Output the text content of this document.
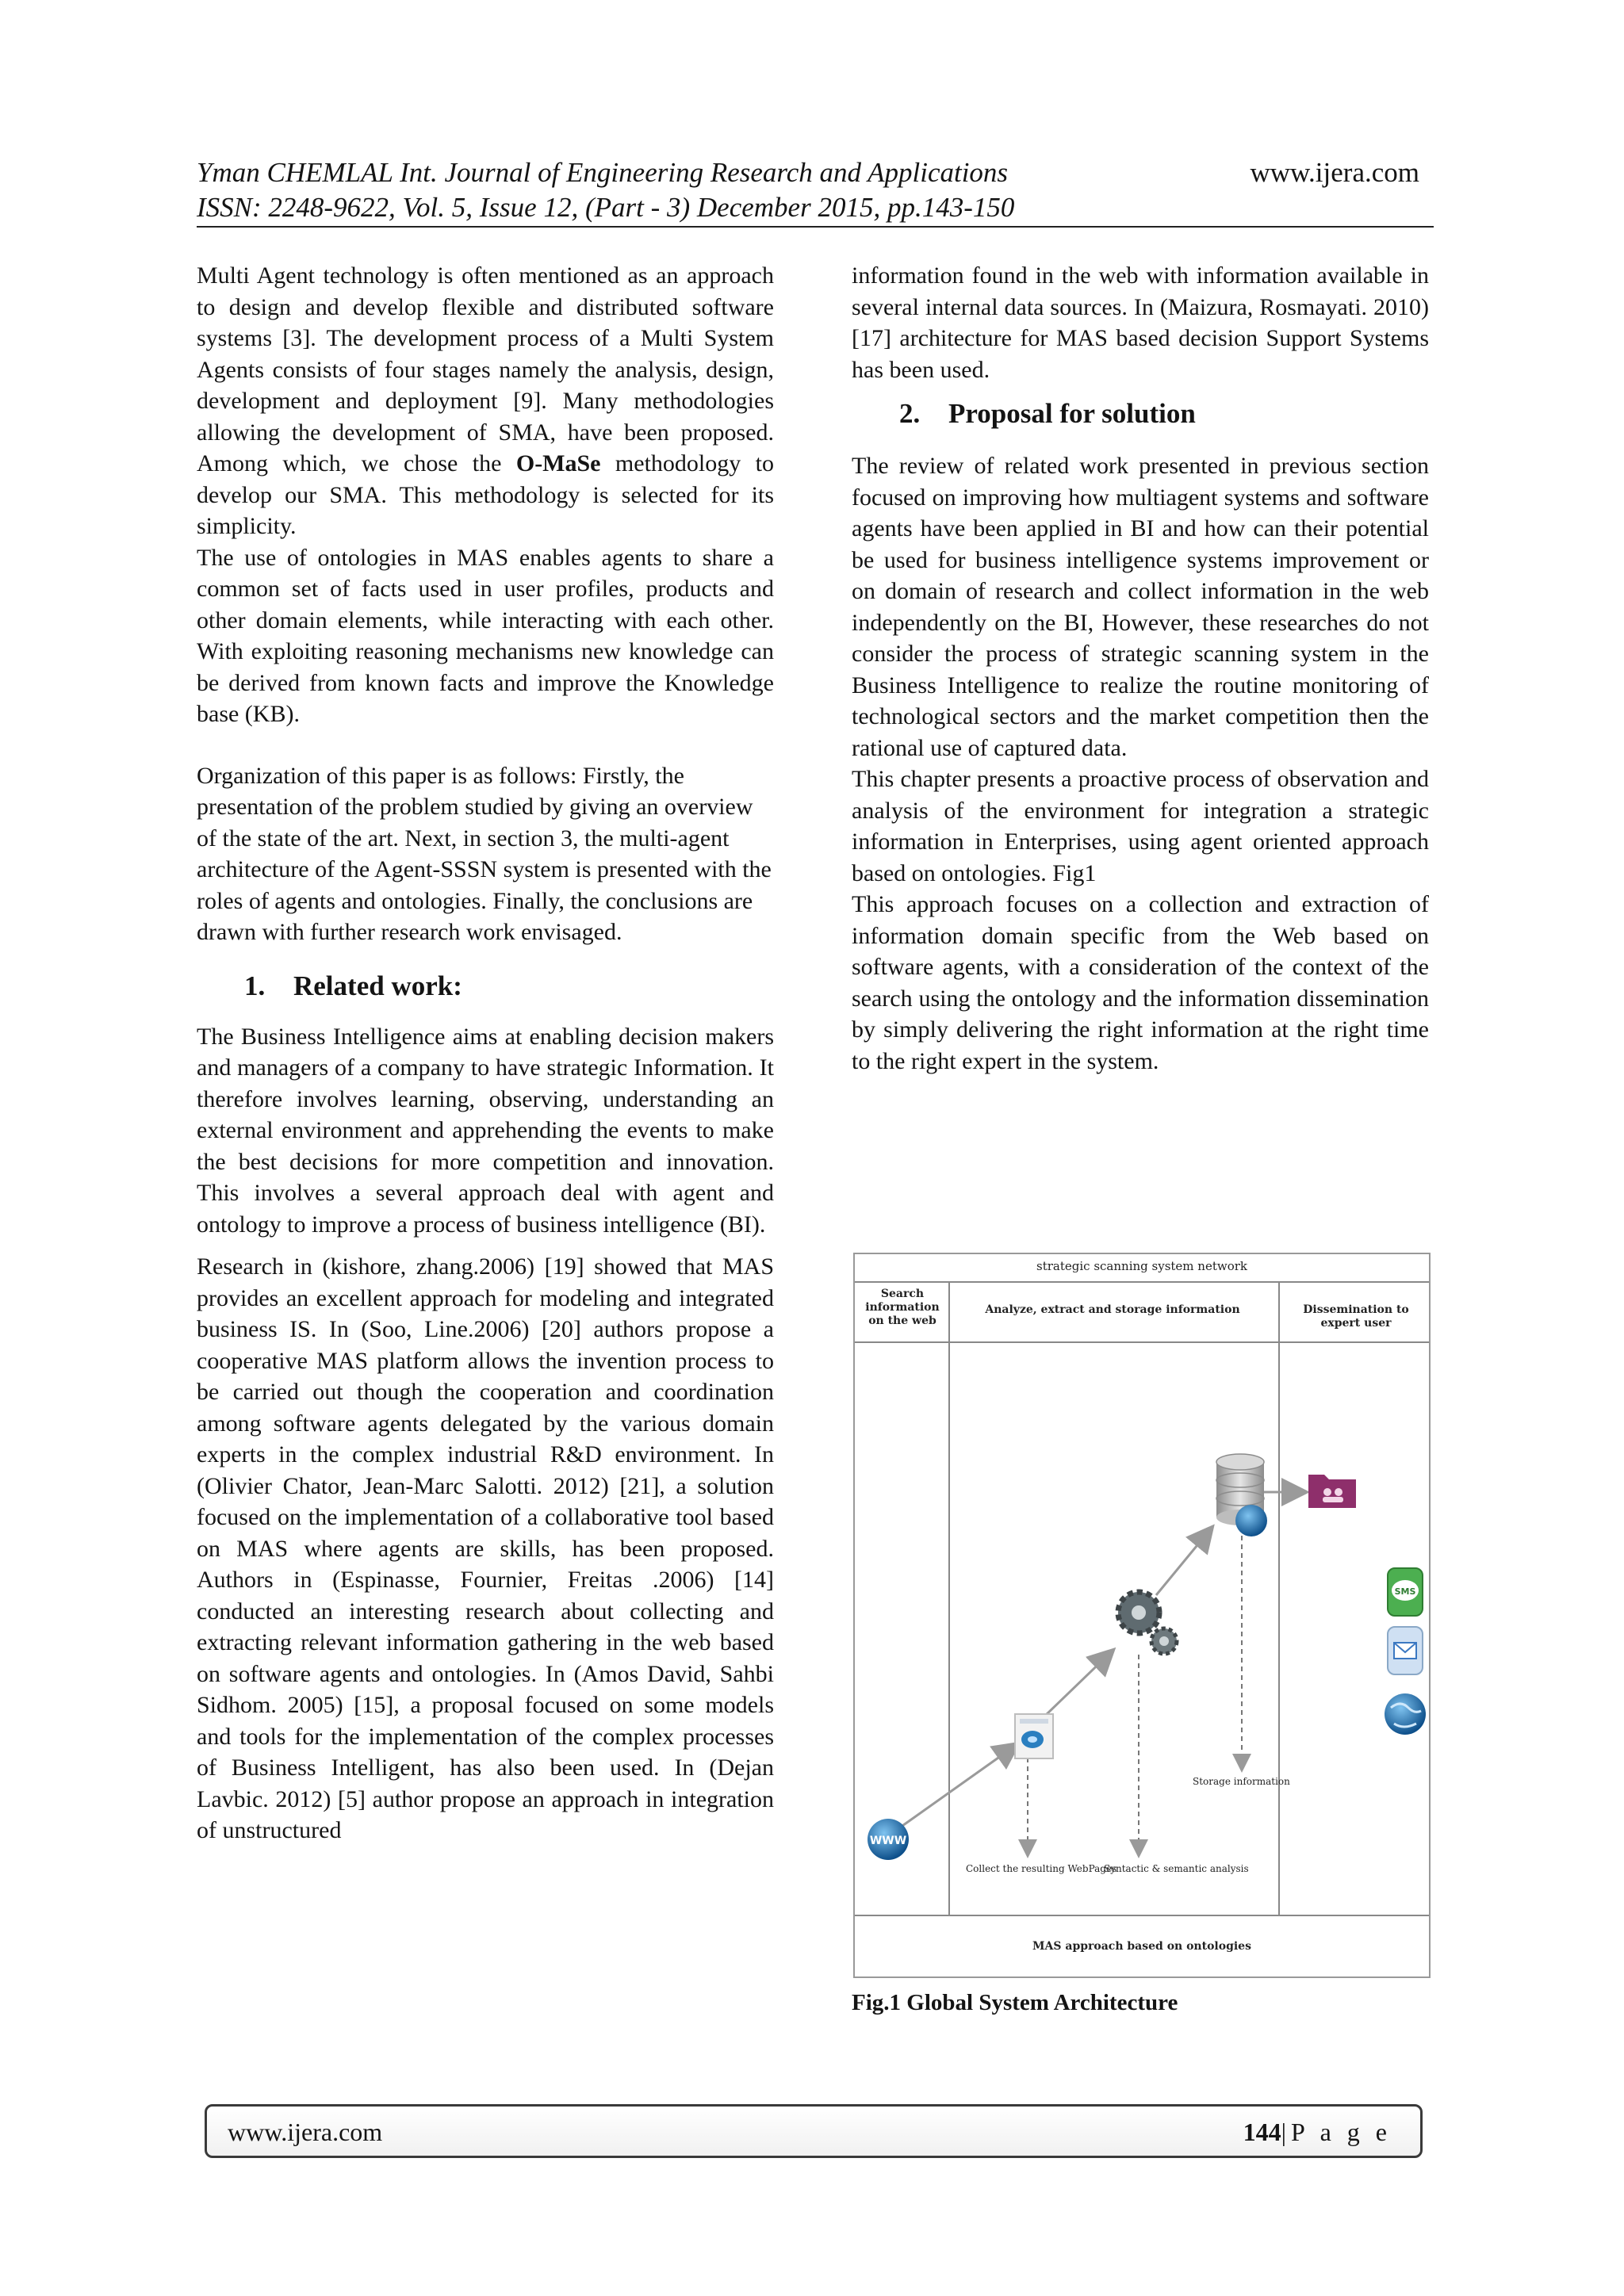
Yman CHEMLAL Int. Journal of Engineering Research and Applications	www.ijera.com
ISSN: 2248-9622, Vol. 5, Issue 12, (Part - 3) December 2015, pp.143-150

Multi Agent technology is often mentioned as an approach to design and develop flexible and distributed software systems [3]. The development process of a Multi System Agents consists of four stages namely the analysis, design, development and deployment [9]. Many methodologies allowing the development of SMA, have been proposed. Among which, we chose the O-MaSe methodology to develop our SMA. This methodology is selected for its simplicity.

The use of ontologies in MAS enables agents to share a common set of facts used in user profiles, products and other domain elements, while interacting with each other. With exploiting reasoning mechanisms new knowledge can be derived from known facts and improve the Knowledge base (KB).

Organization of this paper is as follows: Firstly, the presentation of the problem studied by giving an overview of the state of the art. Next, in section 3, the multi-agent architecture of the Agent-SSSN system is presented with the roles of agents and ontologies. Finally, the conclusions are drawn with further research work envisaged.

1. Related work:

The Business Intelligence aims at enabling decision makers and managers of a company to have strategic Information. It therefore involves learning, observing, understanding an external environment and apprehending the events to make the best decisions for more competition and innovation. This involves a several approach deal with agent and ontology to improve a process of business intelligence (BI).

Research in (kishore, zhang.2006) [19] showed that MAS provides an excellent approach for modeling and integrated business IS. In (Soo, Line.2006) [20] authors propose a cooperative MAS platform allows the invention process to be carried out though the cooperation and coordination among software agents delegated by the various domain experts in the complex industrial R&D environment. In (Olivier Chator, Jean-Marc Salotti. 2012) [21], a solution focused on the implementation of a collaborative tool based on MAS where agents are skills, has been proposed. Authors in (Espinasse, Fournier, Freitas .2006) [14] conducted an interesting research about collecting and extracting relevant information gathering in the web based on software agents and ontologies. In (Amos David, Sahbi Sidhom. 2005) [15], a proposal focused on some models and tools for the implementation of the complex processes of Business Intelligent, has also been used. In (Dejan Lavbic. 2012) [5] author propose an approach in integration of unstructured

information found in the web with information available in several internal data sources. In (Maizura, Rosmayati. 2010) [17] architecture for MAS based decision Support Systems has been used.

2. Proposal for solution

The review of related work presented in previous section focused on improving how multiagent systems and software agents have been applied in BI and how can their potential be used for business intelligence systems improvement or on domain of research and collect information in the web independently on the BI, However, these researches do not consider the process of strategic scanning system in the Business Intelligence to realize the routine monitoring of technological sectors and the market competition then the rational use of captured data.

This chapter presents a proactive process of observation and analysis of the environment for integration a strategic information in Enterprises, using agent oriented approach based on ontologies. Fig1

This approach focuses on a collection and extraction of information domain specific from the Web based on software agents, with a consideration of the context of the search using the ontology and the information dissemination by simply delivering the right information at the right time to the right expert in the system.

strategic scanning system network
Search information on the web
Analyze, extract and storage information	Dissemination to expert user
WWW
SMS
Storage information
Collect the resulting WebPages
Syntactic & semantic analysis
MAS approach based on ontologies
Fig.1 Global System Architecture
www.ijera.com	144|P a g e
